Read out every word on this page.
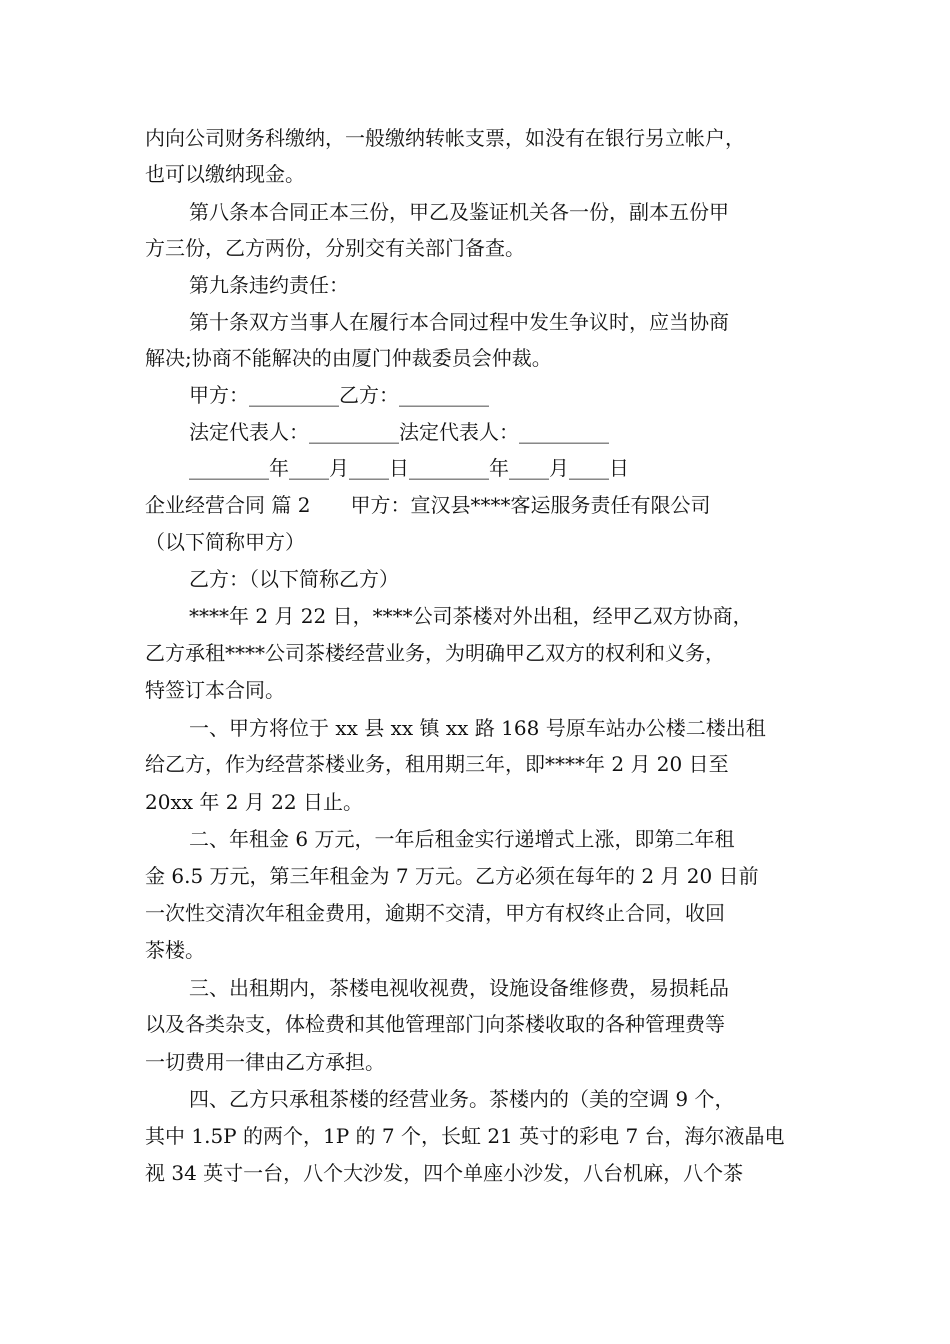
内向公司财务科缴纳，一般缴纳转帐支票，如没有在银行另立帐户，
也可以缴纳现金。
第八条本合同正本三份，甲乙及鉴证机关各一份，副本五份甲
方三份，乙方两份，分别交有关部门备查。
第九条违约责任：
第十条双方当事人在履行本合同过程中发生争议时，应当协商
解决;协商不能解决的由厦门仲裁委员会仲裁。
甲方：_________乙方：_________
法定代表人：_________法定代表人：_________
________年____月____日________年____月____日
企业经营合同 篇 2　　甲方：宣汉县****客运服务责任有限公司
（以下简称甲方）
乙方：（以下简称乙方）
****年 2 月 22 日，****公司茶楼对外出租，经甲乙双方协商，
乙方承租****公司茶楼经营业务，为明确甲乙双方的权利和义务，
特签订本合同。
一、甲方将位于 xx 县 xx 镇 xx 路 168 号原车站办公楼二楼出租
给乙方，作为经营茶楼业务，租用期三年，即****年 2 月 20 日至
20xx 年 2 月 22 日止。
二、年租金 6 万元，一年后租金实行递增式上涨，即第二年租
金 6.5 万元，第三年租金为 7 万元。乙方必须在每年的 2 月 20 日前
一次性交清次年租金费用，逾期不交清，甲方有权终止合同，收回
茶楼。
三、出租期内，茶楼电视收视费，设施设备维修费，易损耗品
以及各类杂支，体检费和其他管理部门向茶楼收取的各种管理费等
一切费用一律由乙方承担。
四、乙方只承租茶楼的经营业务。茶楼内的（美的空调 9 个，
其中 1.5P 的两个，1P 的 7 个，长虹 21 英寸的彩电 7 台，海尔液晶电
视 34 英寸一台，八个大沙发，四个单座小沙发，八台机麻，八个茶
